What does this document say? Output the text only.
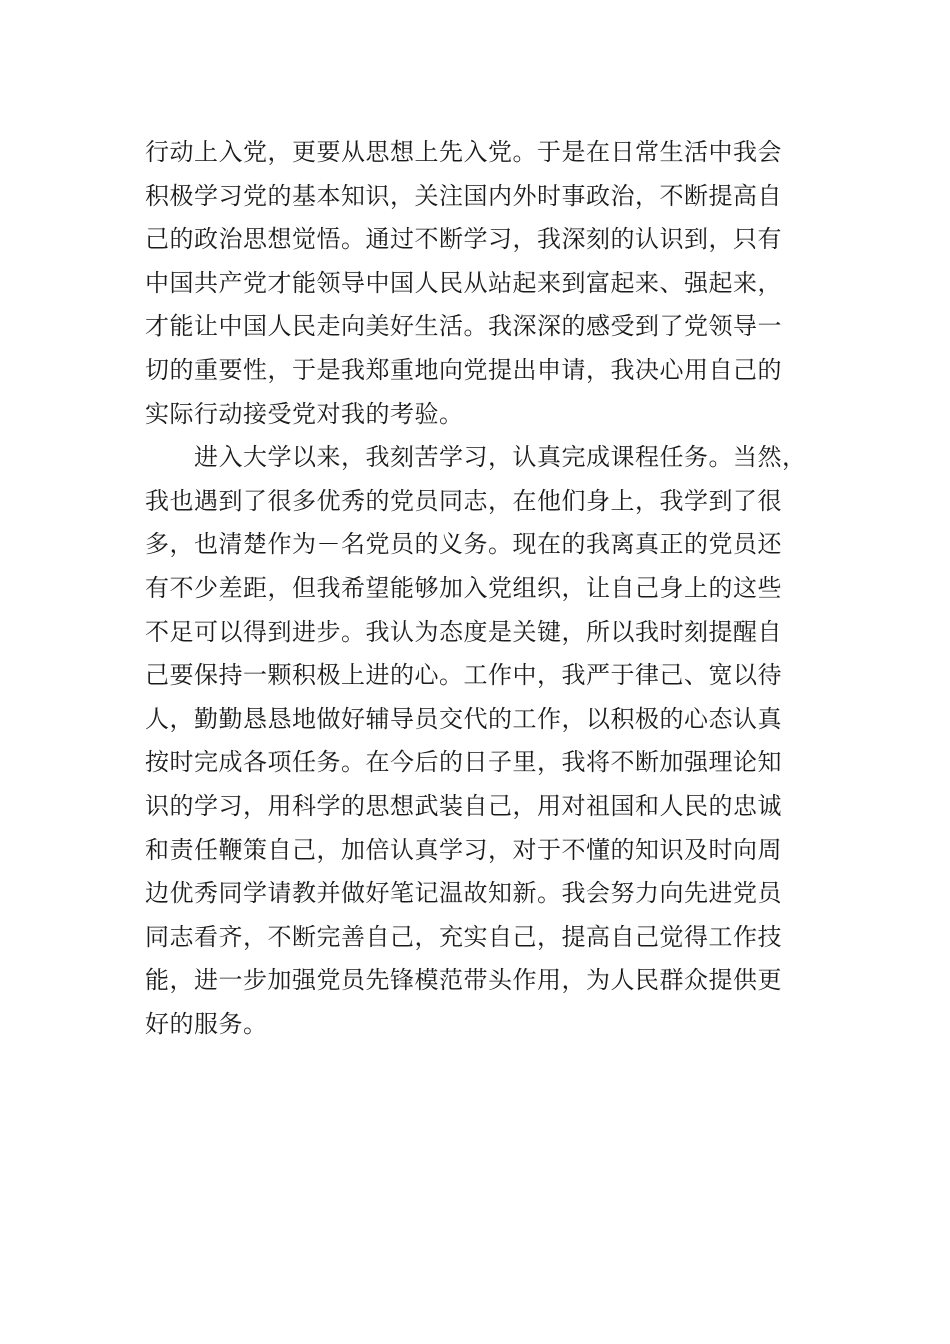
行动上入党，更要从思想上先入党。于是在日常生活中我会
积极学习党的基本知识，关注国内外时事政治，不断提高自
己的政治思想觉悟。通过不断学习，我深刻的认识到，只有
中国共产党才能领导中国人民从站起来到富起来、强起来，
才能让中国人民走向美好生活。我深深的感受到了党领导一
切的重要性，于是我郑重地向党提出申请，我决心用自己的
实际行动接受党对我的考验。
进入大学以来，我刻苦学习，认真完成课程任务。当然，
我也遇到了很多优秀的党员同志，在他们身上，我学到了很
多，也清楚作为－名党员的义务。现在的我离真正的党员还
有不少差距，但我希望能够加入党组织，让自己身上的这些
不足可以得到进步。我认为态度是关键，所以我时刻提醒自
己要保持一颗积极上进的心。工作中，我严于律己、宽以待
人，勤勤恳恳地做好辅导员交代的工作，以积极的心态认真
按时完成各项任务。在今后的日子里，我将不断加强理论知
识的学习，用科学的思想武装自己，用对祖国和人民的忠诚
和责任鞭策自己，加倍认真学习，对于不懂的知识及时向周
边优秀同学请教并做好笔记温故知新。我会努力向先进党员
同志看齐，不断完善自己，充实自己，提高自己觉得工作技
能，进一步加强党员先锋模范带头作用，为人民群众提供更
好的服务。
